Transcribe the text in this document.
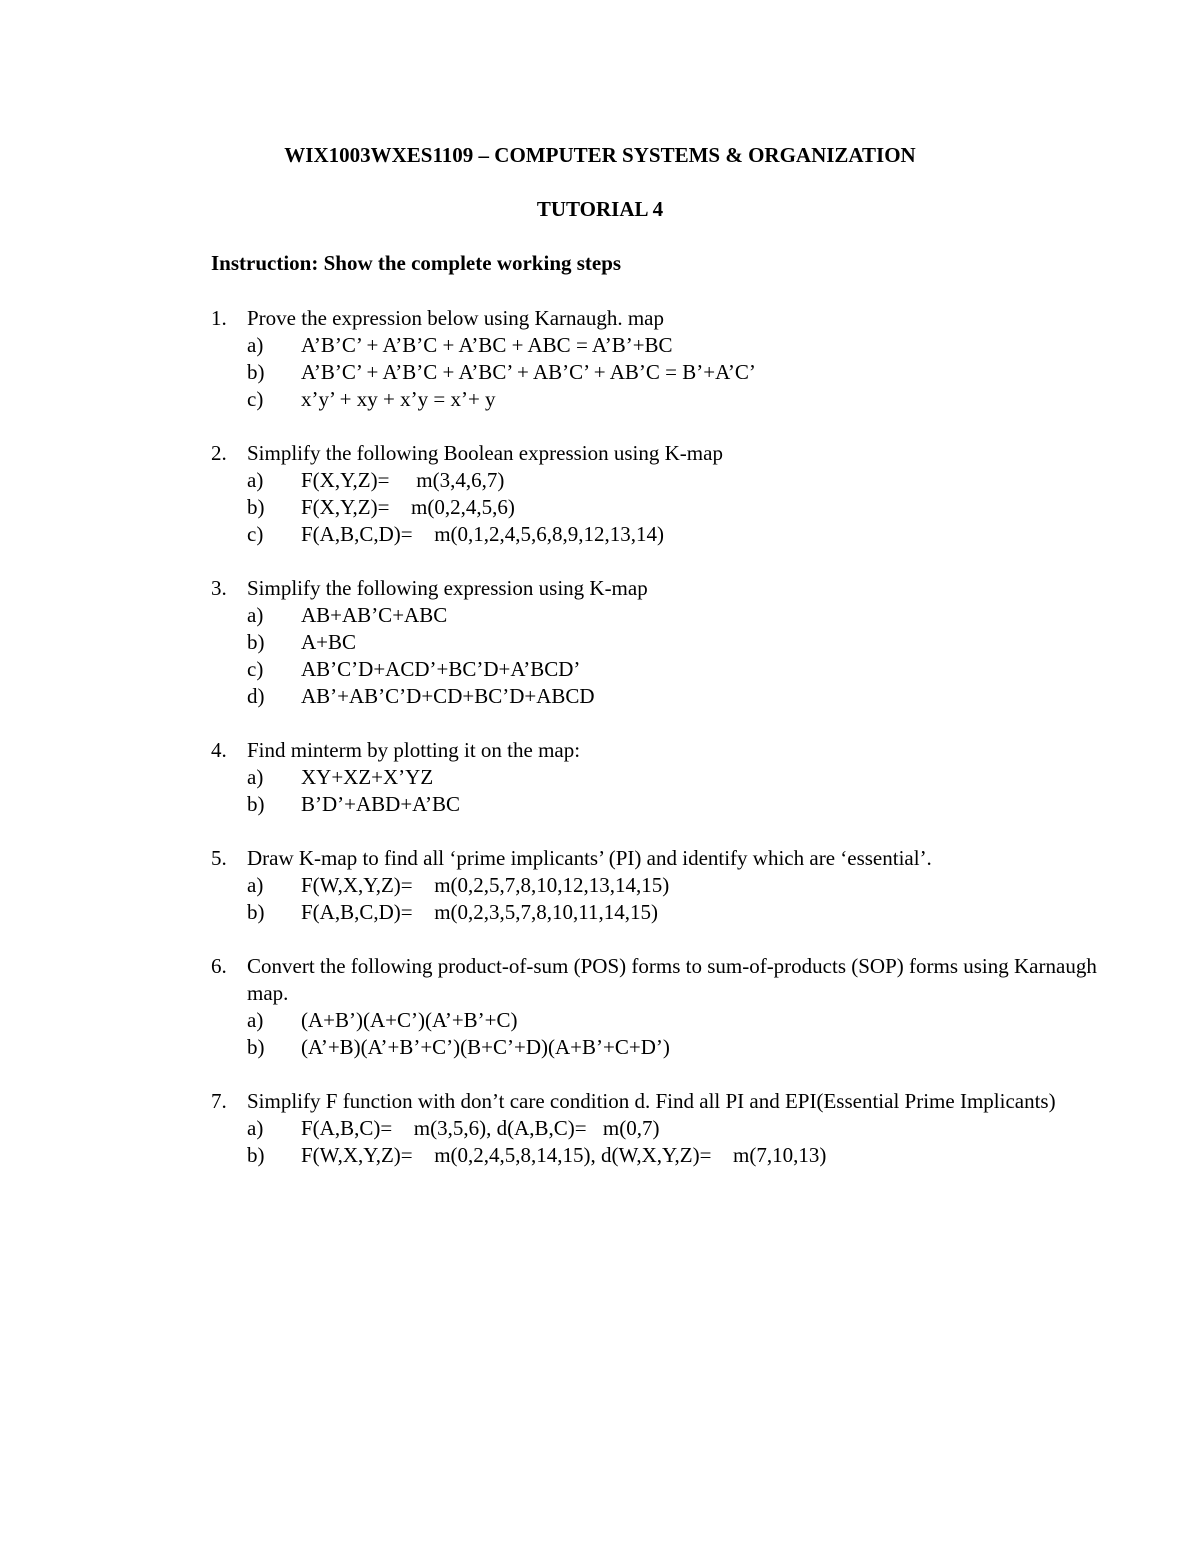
WIX1003WXES1109 – COMPUTER SYSTEMS & ORGANIZATION
TUTORIAL 4
Instruction: Show the complete working steps
1. Prove the expression below using Karnaugh. map
a)	A’B’C’ + A’B’C + A’BC + ABC = A’B’+BC
b)	A’B’C’ + A’B’C + A’BC’ + AB’C’ + AB’C = B’+A’C’
c)	x’y’ + xy + x’y = x’+ y
2. Simplify the following Boolean expression using K-map
a)	F(X,Y,Z)= m(3,4,6,7)
b)	F(X,Y,Z)= m(0,2,4,5,6)
c)	F(A,B,C,D)= m(0,1,2,4,5,6,8,9,12,13,14)
3. Simplify the following expression using K-map
a)	AB+AB’C+ABC
b)	A+BC
c)	AB’C’D+ACD’+BC’D+A’BCD’
d)	AB’+AB’C’D+CD+BC’D+ABCD
4. Find minterm by plotting it on the map:
a)	XY+XZ+X’YZ
b)	B’D’+ABD+A’BC
5. Draw K-map to find all ‘prime implicants’ (PI) and identify which are ‘essential’.
a)	F(W,X,Y,Z)= m(0,2,5,7,8,10,12,13,14,15)
b)	F(A,B,C,D)= m(0,2,3,5,7,8,10,11,14,15)
6. Convert the following product-of-sum (POS) forms to sum-of-products (SOP) forms using Karnaugh map.
a)	(A+B’)(A+C’)(A’+B’+C)
b)	(A’+B)(A’+B’+C’)(B+C’+D)(A+B’+C+D’)
7. Simplify F function with don’t care condition d. Find all PI and EPI(Essential Prime Implicants)
a)	F(A,B,C)= m(3,5,6), d(A,B,C)= m(0,7)
b)	F(W,X,Y,Z)= m(0,2,4,5,8,14,15), d(W,X,Y,Z)= m(7,10,13)
